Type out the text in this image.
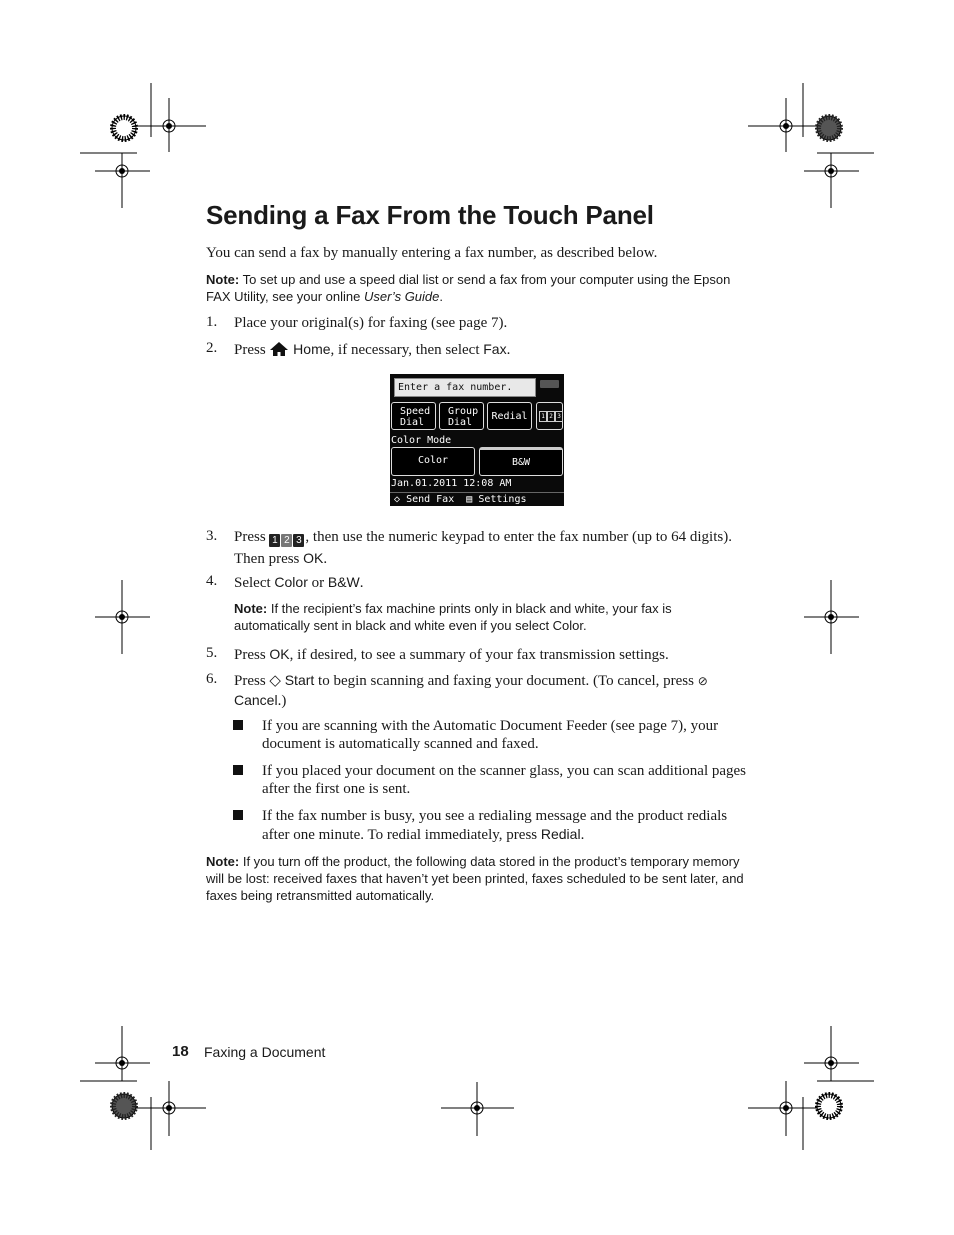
Sending a Fax From the Touch Panel
You can send a fax by manually entering a fax number, as described below.
Note: To set up and use a speed dial list or send a fax from your computer using the Epson FAX Utility, see your online User’s Guide.
1. Place your original(s) for faxing (see page 7).
2. Press  Home, if necessary, then select Fax.
Enter a fax number.
Speed
Dial
Group
Dial
Redial	1 2 3
Color Mode
Color	B&W
Jan.01.2011 12:08 AM
◇ Send Fax ▤ Settings
3. Press 1 2 3 , then use the numeric keypad to enter the fax number (up to 64 digits). Then press OK.
4. Select Color or B&W.
Note: If the recipient’s fax machine prints only in black and white, your fax is automatically sent in black and white even if you select Color.
5. Press OK, if desired, to see a summary of your fax transmission settings.
6. Press ◇ Start to begin scanning and faxing your document. (To cancel, press ⊘ Cancel.)
If you are scanning with the Automatic Document Feeder (see page 7), your document is automatically scanned and faxed.
If you placed your document on the scanner glass, you can scan additional pages after the first one is sent.
If the fax number is busy, you see a redialing message and the product redials after one minute. To redial immediately, press Redial.
Note: If you turn off the product, the following data stored in the product’s temporary memory will be lost: received faxes that haven’t yet been printed, faxes scheduled to be sent later, and faxes being retransmitted automatically.
18 Faxing a Document
